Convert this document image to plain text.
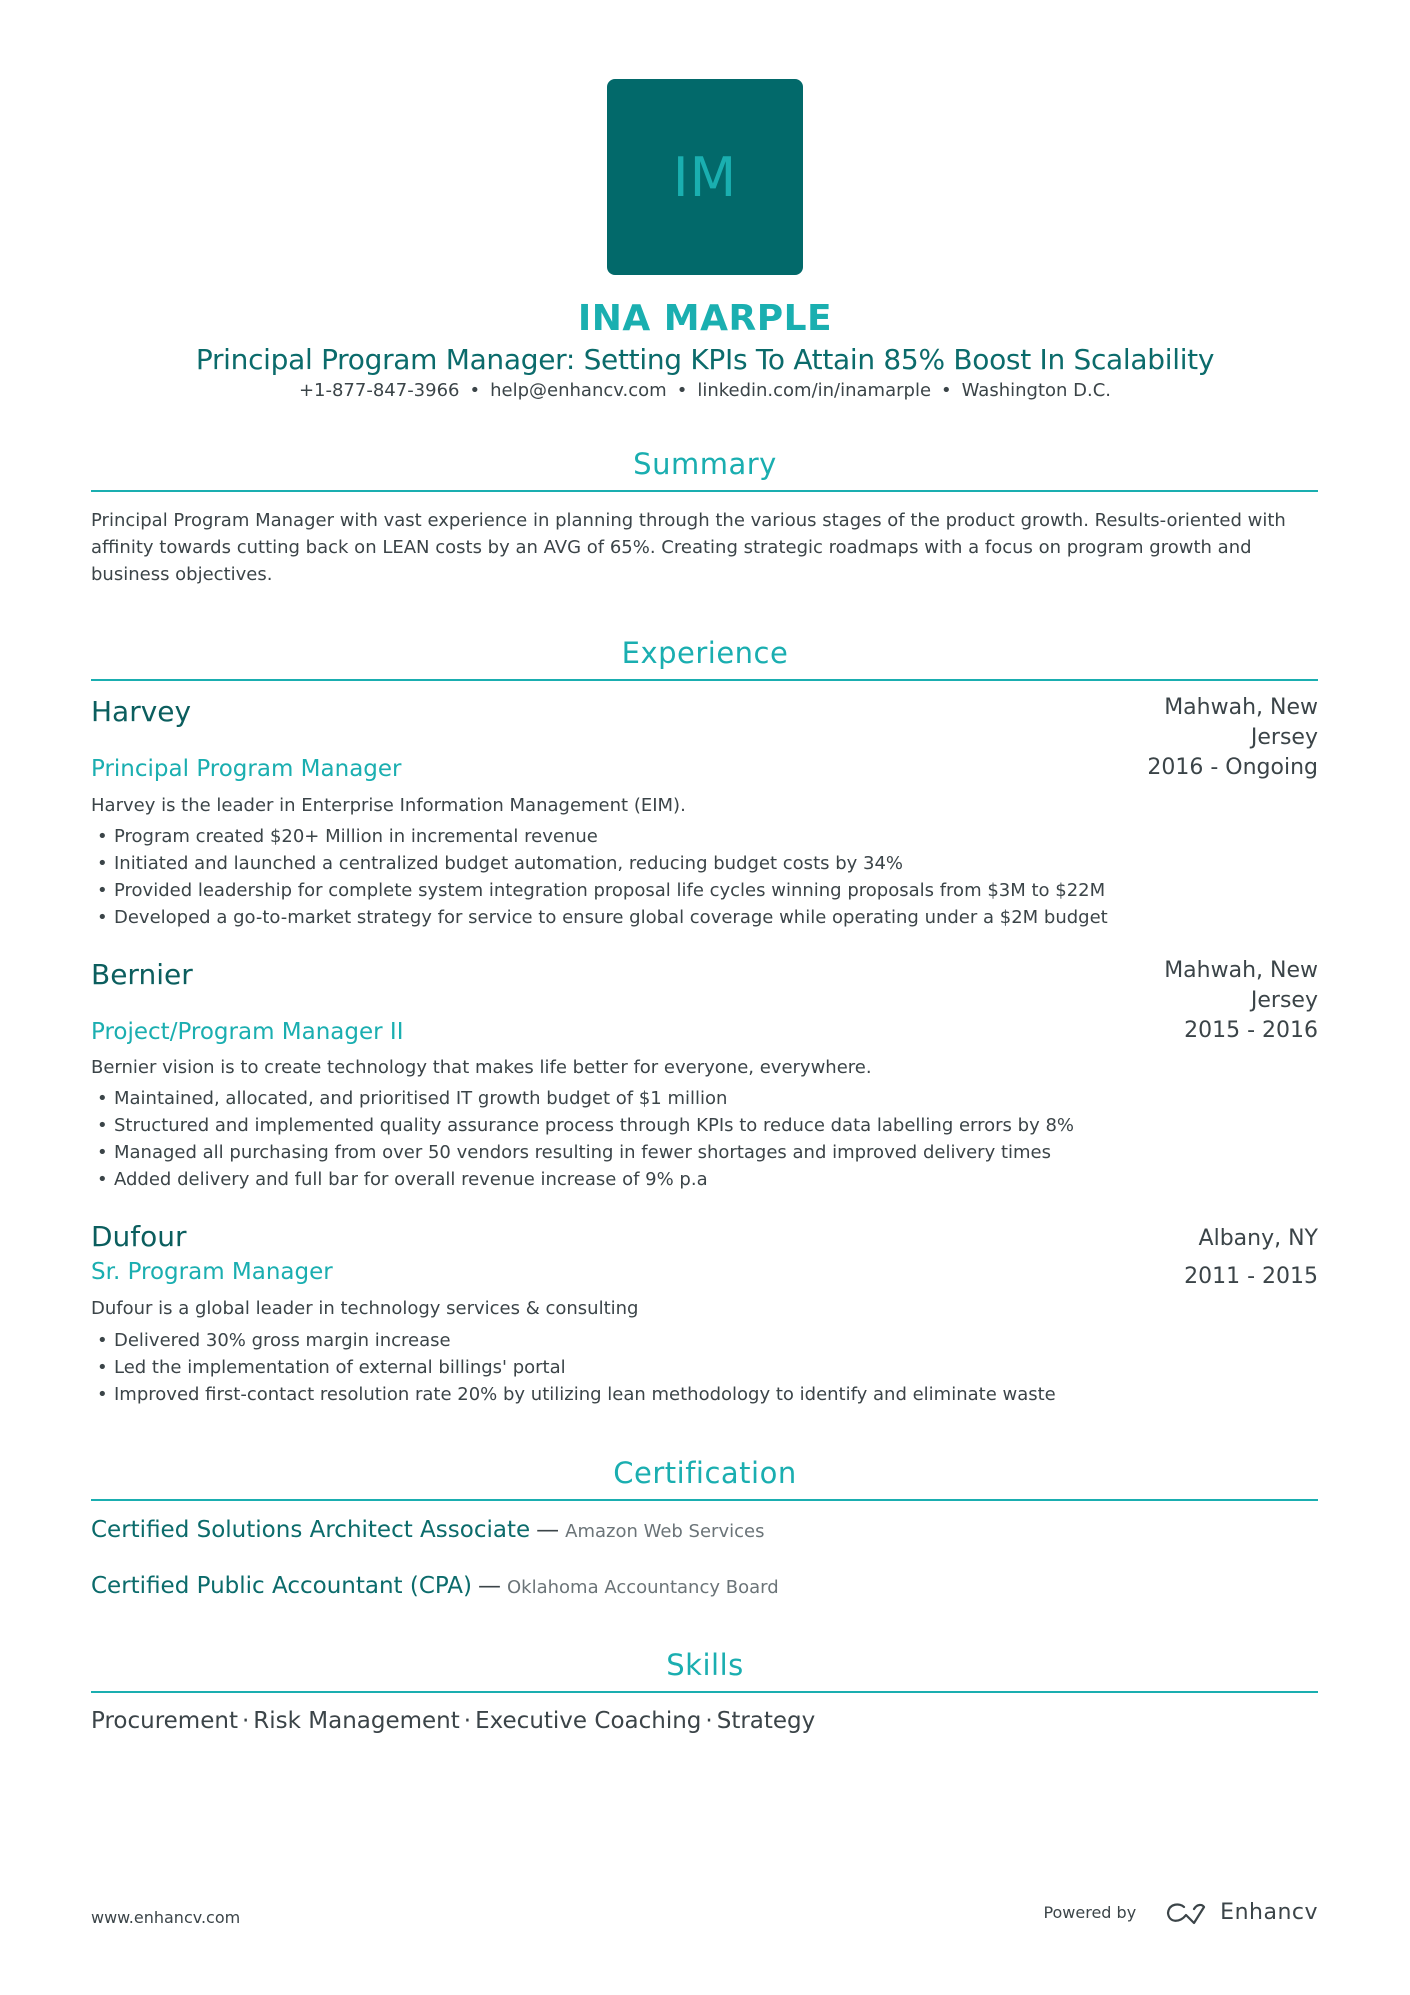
IM
INA MARPLE
Principal Program Manager: Setting KPIs To Attain 85% Boost In Scalability
+1-877-847-3966 • help@enhancv.com • linkedin.com/in/inamarple • Washington D.C.
Summary
Principal Program Manager with vast experience in planning through the various stages of the product growth. Results-oriented with affinity towards cutting back on LEAN costs by an AVG of 65%. Creating strategic roadmaps with a focus on program growth and business objectives.
Experience
Harvey	Mahwah, New
Jersey
2016 - Ongoing
Principal Program Manager
Harvey is the leader in Enterprise Information Management (EIM).
• Program created $20+ Million in incremental revenue
• Initiated and launched a centralized budget automation, reducing budget costs by 34%
• Provided leadership for complete system integration proposal life cycles winning proposals from $3M to $22M
• Developed a go-to-market strategy for service to ensure global coverage while operating under a $2M budget
Bernier	Mahwah, New
Jersey
2015 - 2016
Project/Program Manager II
Bernier vision is to create technology that makes life better for everyone, everywhere.
• Maintained, allocated, and prioritised IT growth budget of $1 million
• Structured and implemented quality assurance process through KPIs to reduce data labelling errors by 8%
• Managed all purchasing from over 50 vendors resulting in fewer shortages and improved delivery times
• Added delivery and full bar for overall revenue increase of 9% p.a
Dufour	Albany, NY
2011 - 2015
Sr. Program Manager
Dufour is a global leader in technology services & consulting
• Delivered 30% gross margin increase
• Led the implementation of external billings' portal
• Improved first-contact resolution rate 20% by utilizing lean methodology to identify and eliminate waste
Certification
Certified Solutions Architect Associate — Amazon Web Services
Certified Public Accountant (CPA) — Oklahoma Accountancy Board
Skills
Procurement · Risk Management · Executive Coaching · Strategy
www.enhancv.com	Powered by	Enhancv
